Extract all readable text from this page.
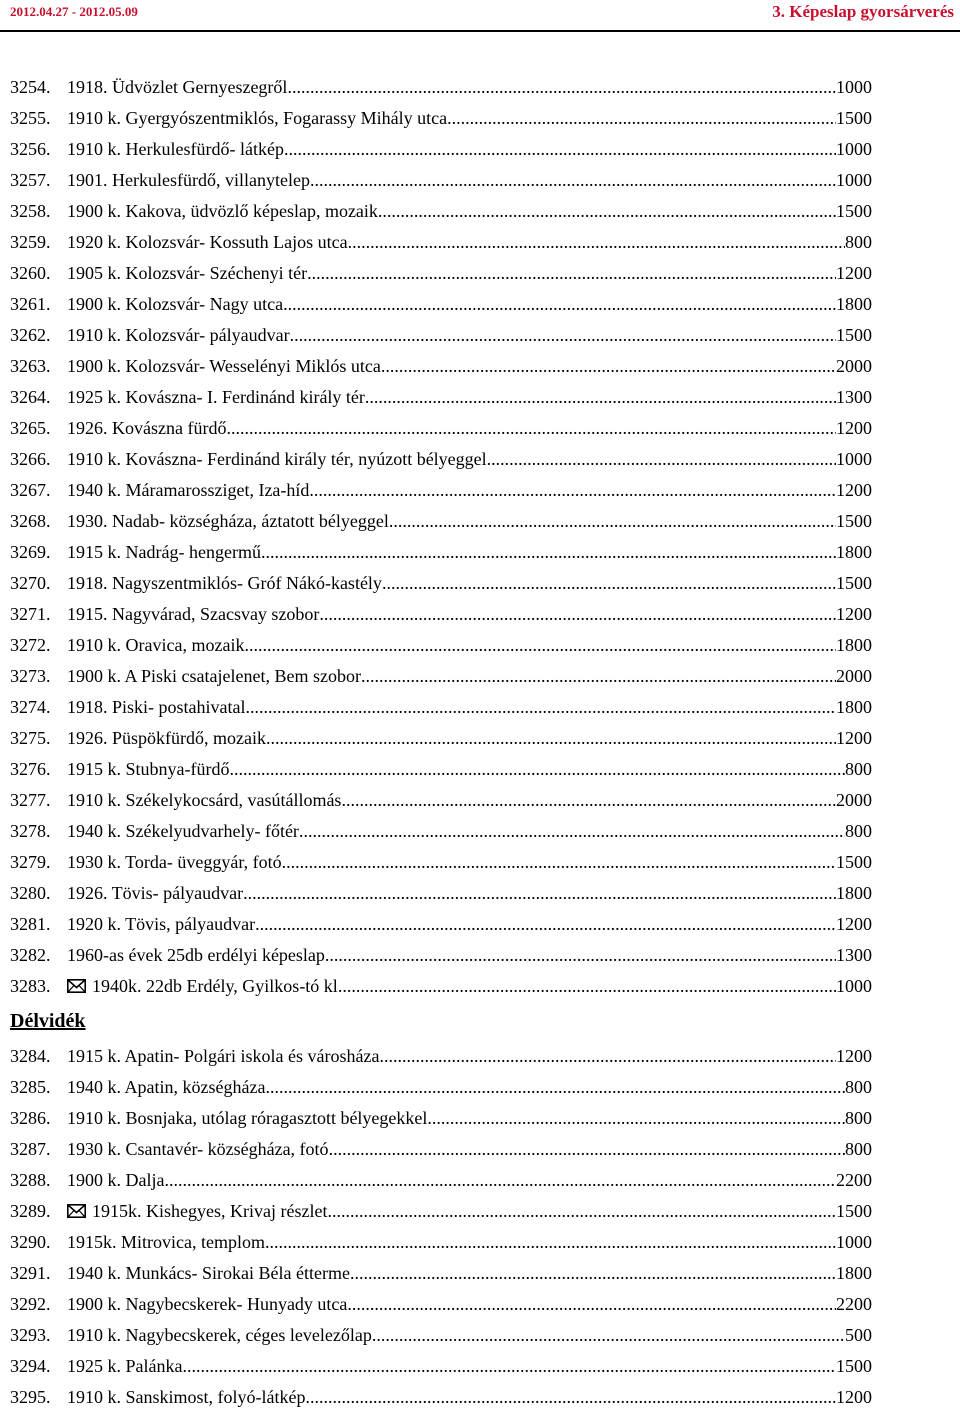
2012.04.27 - 2012.05.09	3. Képeslap gyorsárverés
3254. 1918. Üdvözlet Gernyeszegről .....	1000
3255. 1910 k. Gyergyószentmiklós, Fogarassy Mihály utca .....	1500
3256. 1910 k. Herkulesfürdő- látkép .....	1000
3257. 1901. Herkulesfürdő, villanytelep .....	1000
3258. 1900 k. Kakova, üdvözlő képeslap, mozaik .....	1500
3259. 1920 k. Kolozsvár- Kossuth Lajos utca .....	800
3260. 1905 k. Kolozsvár- Széchenyi tér .....	1200
3261. 1900 k. Kolozsvár- Nagy utca .....	1800
3262. 1910 k. Kolozsvár- pályaudvar .....	1500
3263. 1900 k. Kolozsvár- Wesselényi Miklós utca .....	2000
3264. 1925 k. Kovászna- I. Ferdinánd király tér .....	1300
3265. 1926. Kovászna fürdő .....	1200
3266. 1910 k. Kovászna- Ferdinánd király tér, nyúzott bélyeggel .....	1000
3267. 1940 k. Máramarossziget, Iza-híd .....	1200
3268. 1930. Nadab- községháza, áztatott bélyeggel .....	1500
3269. 1915 k. Nadrág- hengermű .....	1800
3270. 1918. Nagyszentmiklós- Gróf Nákó-kastély .....	1500
3271. 1915. Nagyvárad, Szacsvay szobor .....	1200
3272. 1910 k. Oravica, mozaik .....	1800
3273. 1900 k. A Piski csatajelenet, Bem szobor .....	2000
3274. 1918. Piski- postahivatal .....	1800
3275. 1926. Püspökfürdő, mozaik .....	1200
3276. 1915 k. Stubnya-fürdő .....	800
3277. 1910 k. Székelykocsárd, vasútállomás .....	2000
3278. 1940 k. Székelyudvarhely- főtér .....	800
3279. 1930 k. Torda- üveggyár, fotó .....	1500
3280. 1926. Tövis- pályaudvar .....	1800
3281. 1920 k. Tövis, pályaudvar .....	1200
3282. 1960-as évek 25db erdélyi képeslap .....	1300
3283.	1940k. 22db Erdély, Gyilkos-tó kl. .....	1000
Délvidék
3284. 1915 k. Apatin- Polgári iskola és városháza .....	1200
3285. 1940 k. Apatin, községháza .....	800
3286. 1910 k. Bosnjaka, utólag róragasztott bélyegekkel .....	800
3287. 1930 k. Csantavér- községháza, fotó .....	800
3288. 1900 k. Dalja .....	2200
3289.	1915k. Kishegyes, Krivaj részlet .....	1500
3290. 1915k. Mitrovica, templom .....	1000
3291. 1940 k. Munkács- Sirokai Béla étterme .....	1800
3292. 1900 k. Nagybecskerek- Hunyady utca .....	2200
3293. 1910 k. Nagybecskerek, céges levelezőlap .....	500
3294. 1925 k. Palánka .....	1500
3295. 1910 k. Sanskimost, folyó-látkép .....	1200
